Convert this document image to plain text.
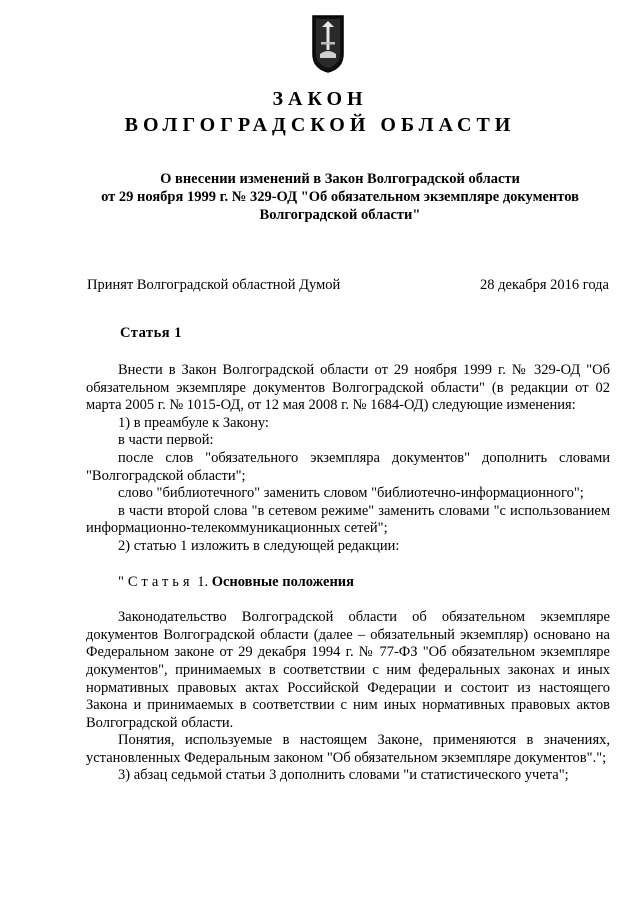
ЗАКОН
ВОЛГОГРАДСКОЙ ОБЛАСТИ
О внесении изменений в Закон Волгоградской области
от 29 ноября 1999 г. № 329-ОД "Об обязательном экземпляре документов
Волгоградской области"
Принят Волгоградской областной Думой	28 декабря 2016 года
Статья 1

Внести в Закон Волгоградской области от 29 ноября 1999 г. № 329-ОД "Об обязательном экземпляре документов Волгоградской области" (в редакции от 02 марта 2005 г. № 1015-ОД, от 12 мая 2008 г. № 1684-ОД) следующие изменения:

1) в преамбуле к Закону:

в части первой:

после слов "обязательного экземпляра документов" дополнить словами "Волгоградской области";

слово "библиотечного" заменить словом "библиотечно-информационного";

в части второй слова "в сетевом режиме" заменить словами "с использованием информационно-телекоммуникационных сетей";

2) статью 1 изложить в следующей редакции:

"Статья 1. Основные положения

Законодательство Волгоградской области об обязательном экземпляре документов Волгоградской области (далее – обязательный экземпляр) основано на Федеральном законе от 29 декабря 1994 г. № 77-ФЗ "Об обязательном экземпляре документов", принимаемых в соответствии с ним федеральных законах и иных нормативных правовых актах Российской Федерации и состоит из настоящего Закона и принимаемых в соответствии с ним иных нормативных правовых актов Волгоградской области.

Понятия, используемые в настоящем Законе, применяются в значениях, установленных Федеральным законом "Об обязательном экземпляре документов".";

3) абзац седьмой статьи 3 дополнить словами "и статистического учета";
